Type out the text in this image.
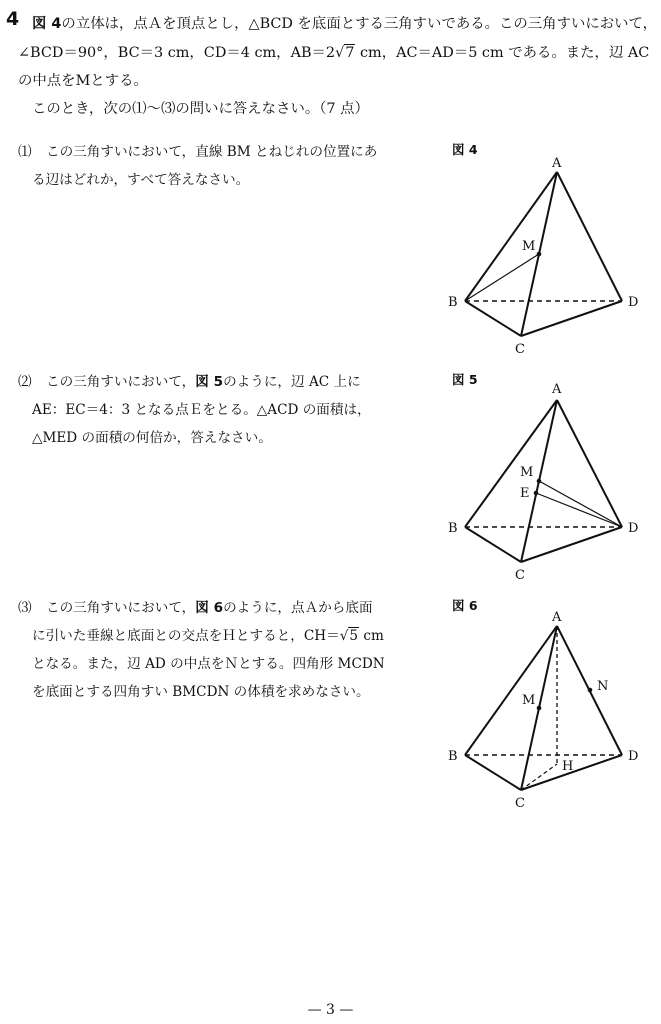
4 図 4の立体は，点Ａを頂点とし，△BCD を底面とする三角すいである。この三角すいにおいて，
∠BCD＝90°，BC＝3 cm，CD＝4 cm，AB＝2√7 cm，AC＝AD＝5 cm である。また，辺 AC
の中点をMとする。
このとき，次の⑴～⑶の問いに答えなさい。（7 点）
⑴ この三角すいにおいて，直線 BM とねじれの位置にあ
る辺はどれか，すべて答えなさい。
⑵ この三角すいにおいて，図 5のように，辺 AC 上に
AE：EC＝4：3 となる点Ｅをとる。△ACD の面積は，
△MED の面積の何倍か，答えなさい。
⑶ この三角すいにおいて，図 6のように，点Ａから底面
に引いた垂線と底面との交点をＨとすると，CH＝√5 cm
となる。また，辺 AD の中点をＮとする。四角形 MCDN
を底面とする四角すい BMCDN の体積を求めなさい。
図 4
A
B
C
D
M
図 5
A
B
C
D
M
E
図 6
A
B
C
D
M
N
H
— 3 —
